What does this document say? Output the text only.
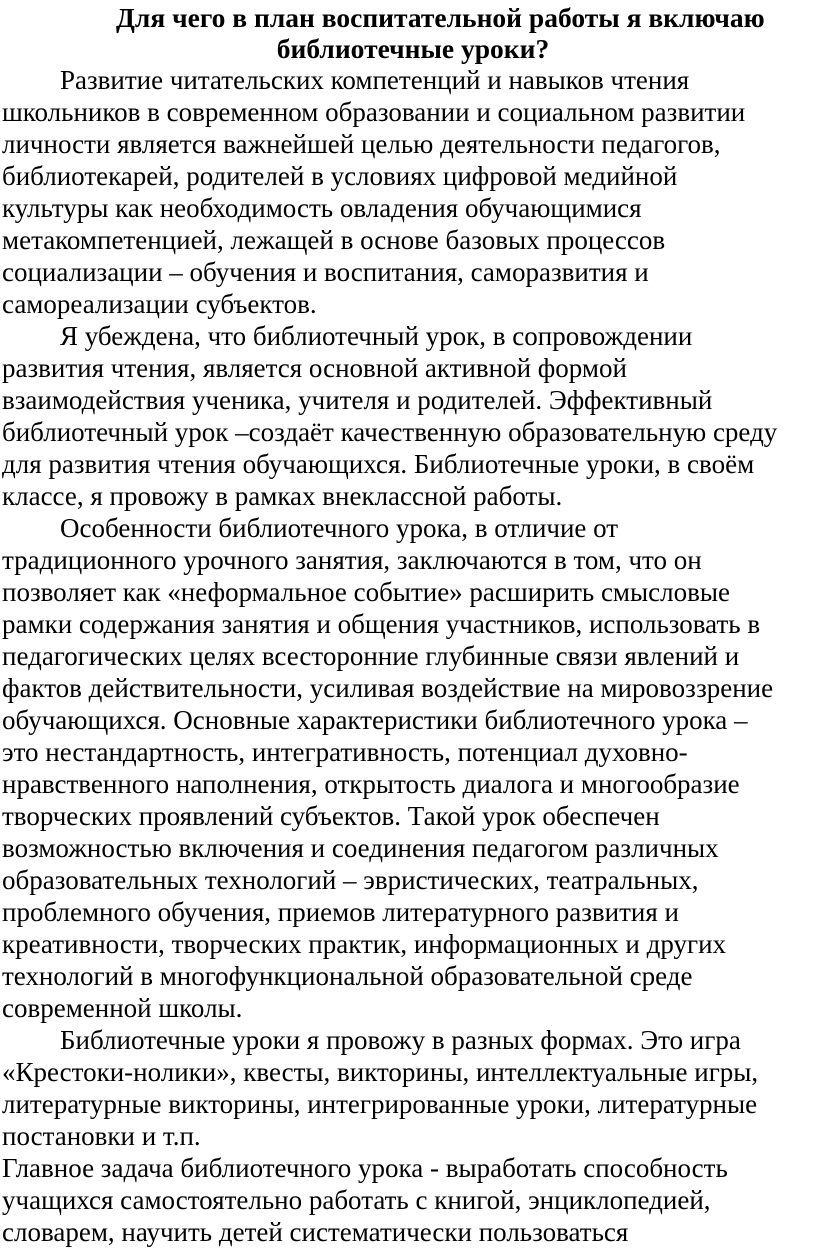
Для чего в план воспитательной работы я включаю
библиотечные уроки?

Развитие читательских компетенций и навыков чтения
школьников в современном образовании и социальном развитии
личности является важнейшей целью деятельности педагогов,
библиотекарей, родителей в условиях цифровой медийной
культуры как необходимость овладения обучающимися
метакомпетенцией, лежащей в основе базовых процессов
социализации – обучения и воспитания, саморазвития и
самореализации субъектов.

Я убеждена, что библиотечный урок, в сопровождении
развития чтения, является основной активной формой
взаимодействия ученика, учителя и родителей. Эффективный
библиотечный урок –создаёт качественную образовательную среду
для развития чтения обучающихся. Библиотечные уроки, в своём
классе, я провожу в рамках внеклассной работы.

Особенности библиотечного урока, в отличие от
традиционного урочного занятия, заключаются в том, что он
позволяет как «неформальное событие» расширить смысловые
рамки содержания занятия и общения участников, использовать в
педагогических целях всесторонние глубинные связи явлений и
фактов действительности, усиливая воздействие на мировоззрение
обучающихся. Основные характеристики библиотечного урока –
это нестандартность, интегративность, потенциал духовно-
нравственного наполнения, открытость диалога и многообразие
творческих проявлений субъектов. Такой урок обеспечен
возможностью включения и соединения педагогом различных
образовательных технологий – эвристических, театральных,
проблемного обучения, приемов литературного развития и
креативности, творческих практик, информационных и других
технологий в многофункциональной образовательной среде
современной школы.

Библиотечные уроки я провожу в разных формах. Это игра
«Крестоки-нолики», квесты, викторины, интеллектуальные игры,
литературные викторины, интегрированные уроки, литературные
постановки и т.п.

Главное задача библиотечного урока - выработать способность
учащихся самостоятельно работать с книгой, энциклопедией,
словарем, научить детей систематически пользоваться
